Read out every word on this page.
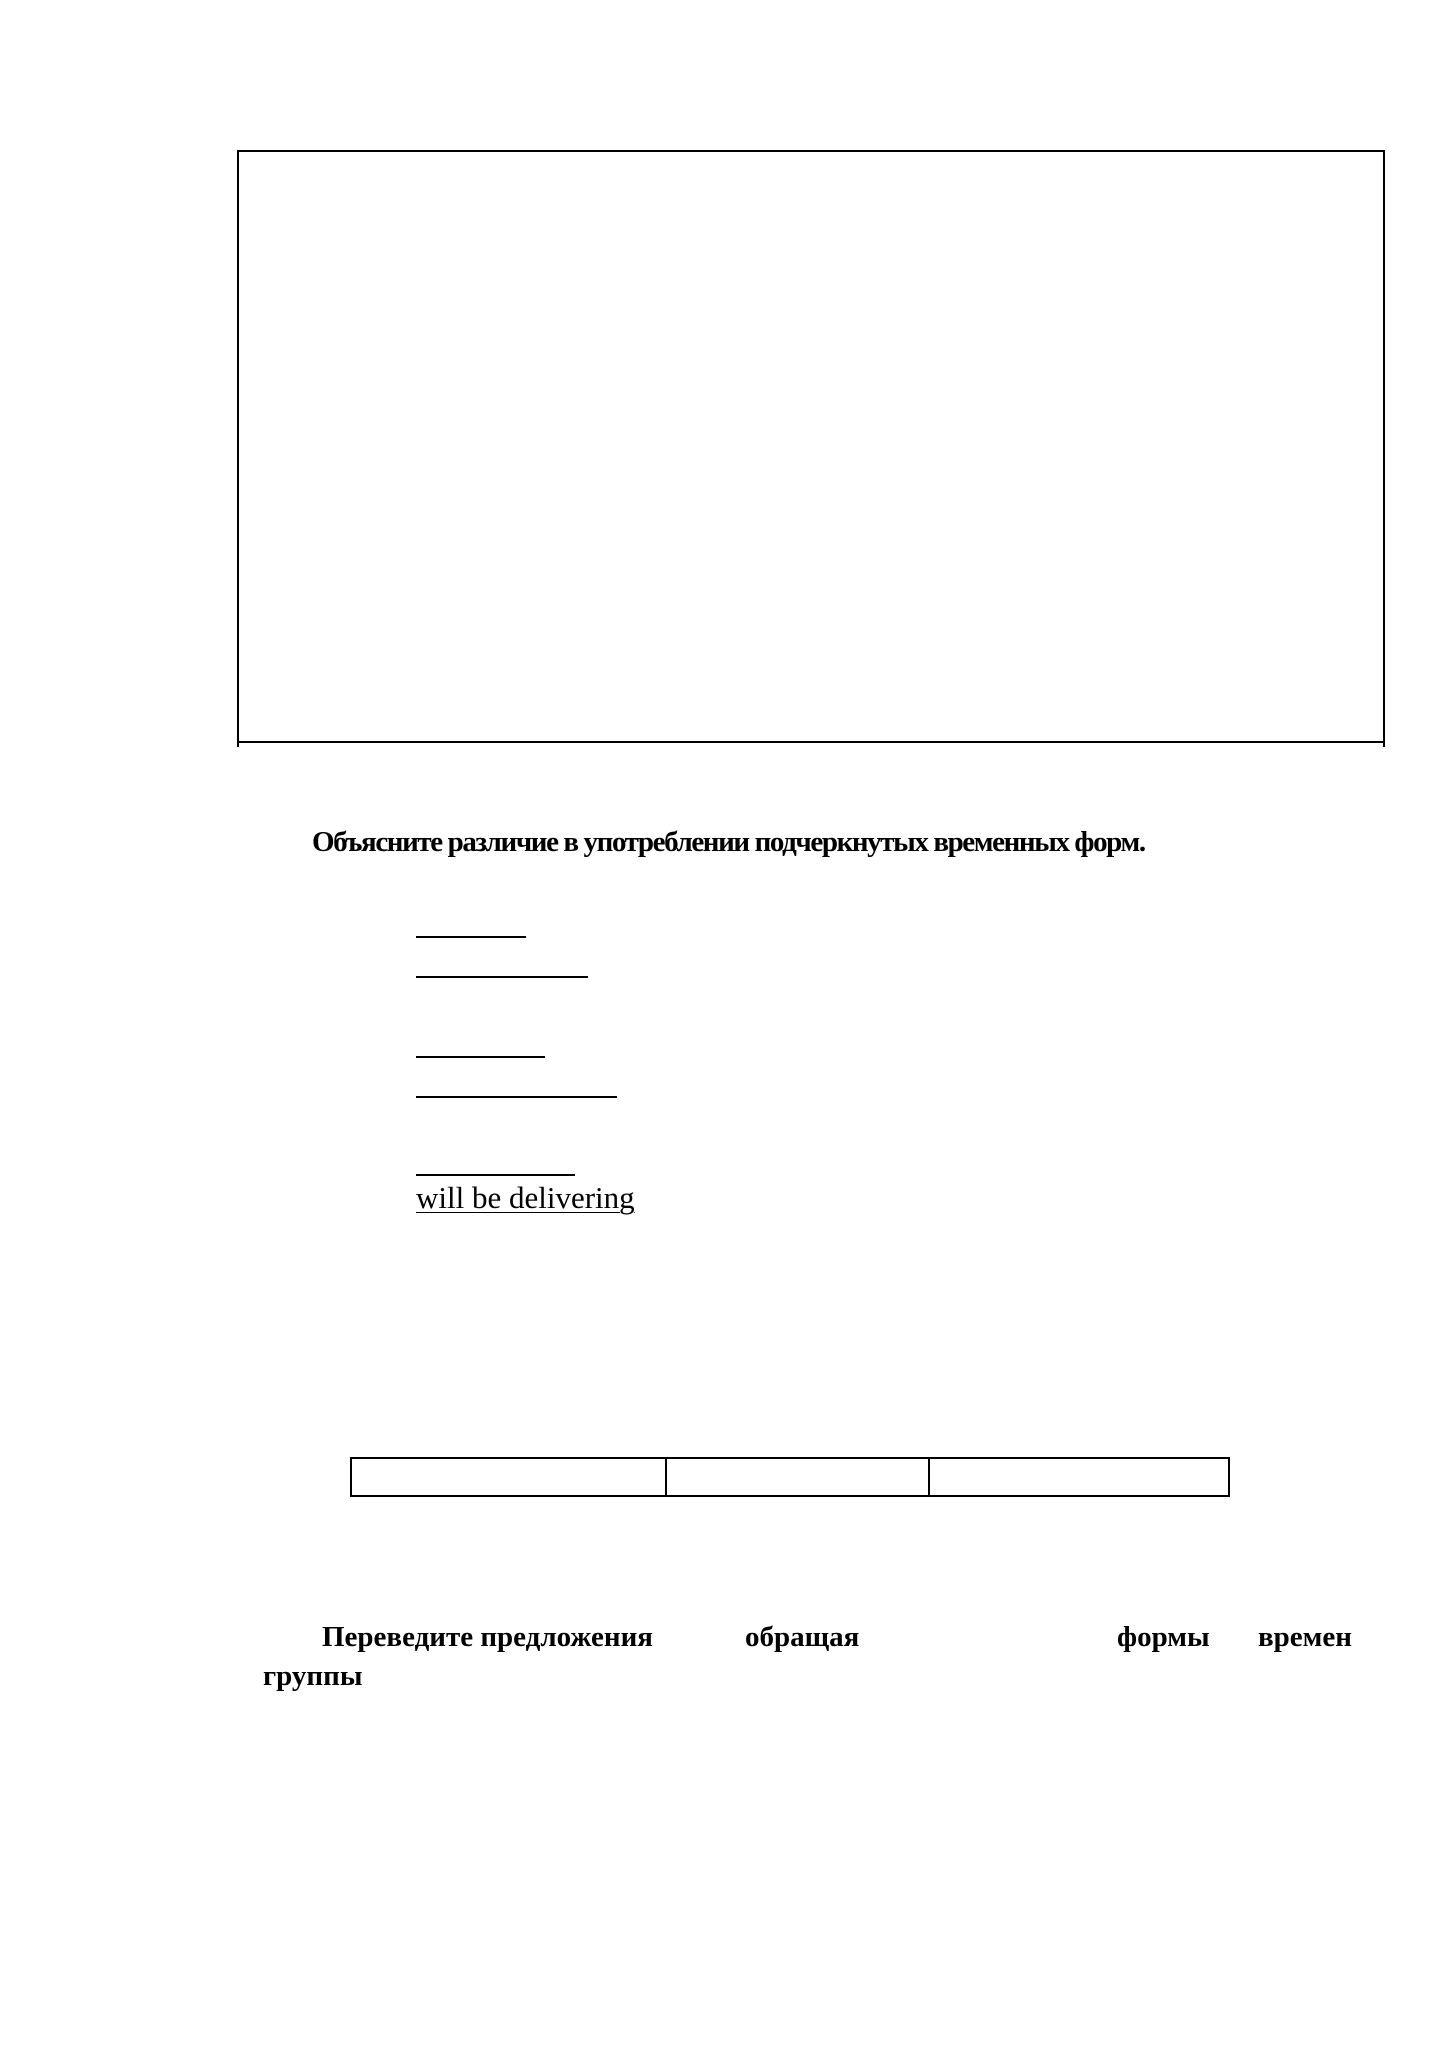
Объясните различие в употреблении подчеркнутых временных форм.

will be delivering

Переведите предложения	обращая	формы времен
группы
